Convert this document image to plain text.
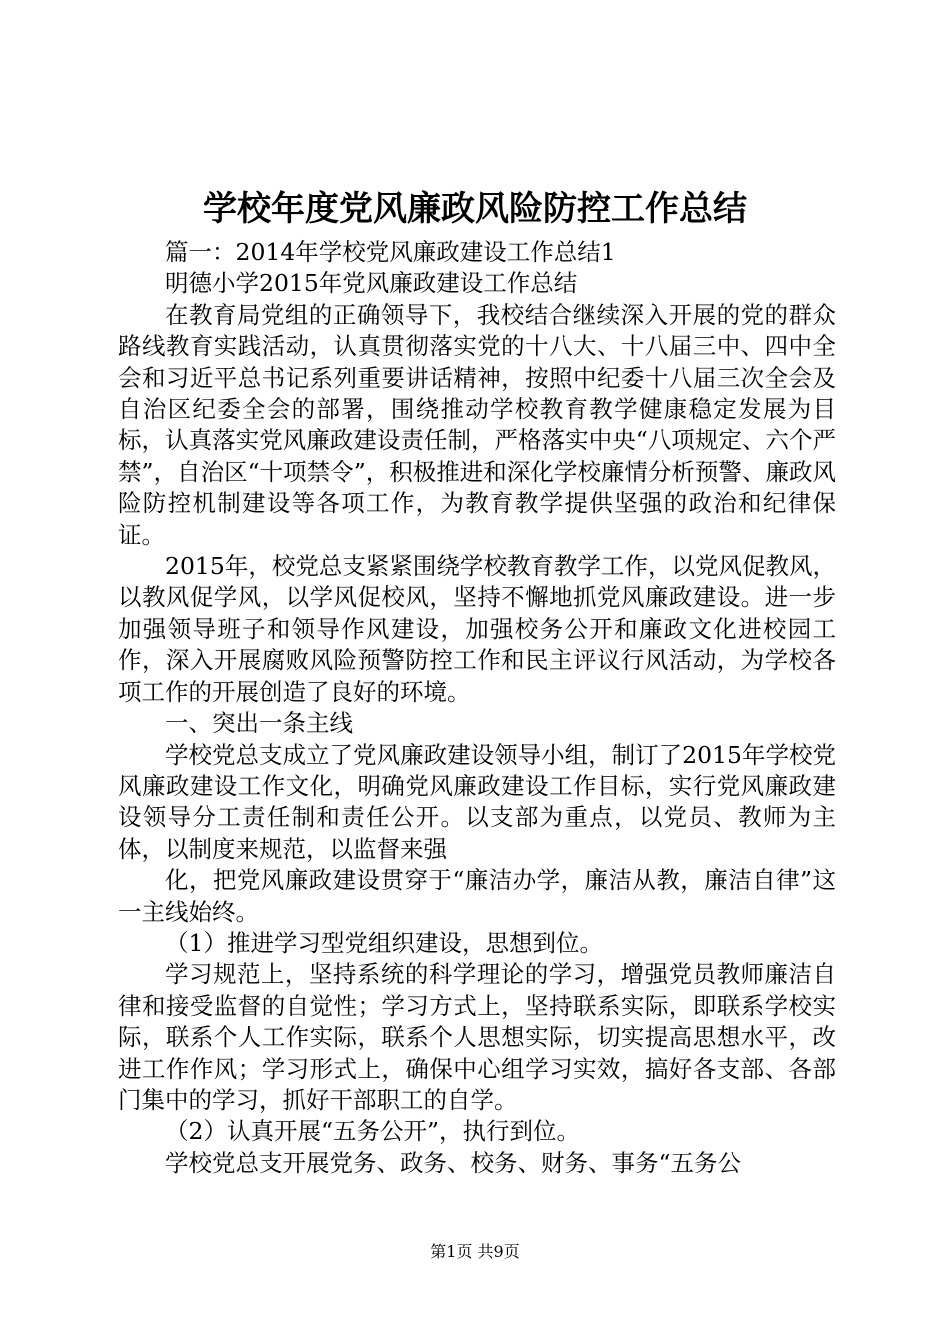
学校年度党风廉政风险防控工作总结

篇一：2014年学校党风廉政建设工作总结1

明德小学2015年党风廉政建设工作总结

在教育局党组的正确领导下，我校结合继续深入开展的党的群众路线教育实践活动，认真贯彻落实党的十八大、十八届三中、四中全会和习近平总书记系列重要讲话精神，按照中纪委十八届三次全会及自治区纪委全会的部署，围绕推动学校教育教学健康稳定发展为目标，认真落实党风廉政建设责任制，严格落实中央“八项规定、六个严禁”，自治区“十项禁令”，积极推进和深化学校廉情分析预警、廉政风险防控机制建设等各项工作，为教育教学提供坚强的政治和纪律保证。

2015年，校党总支紧紧围绕学校教育教学工作，以党风促教风，以教风促学风，以学风促校风，坚持不懈地抓党风廉政建设。进一步加强领导班子和领导作风建设，加强校务公开和廉政文化进校园工作，深入开展腐败风险预警防控工作和民主评议行风活动，为学校各项工作的开展创造了良好的环境。

一、突出一条主线

学校党总支成立了党风廉政建设领导小组，制订了2015年学校党风廉政建设工作文化，明确党风廉政建设工作目标，实行党风廉政建设领导分工责任制和责任公开。以支部为重点，以党员、教师为主体，以制度来规范，以监督来强

化，把党风廉政建设贯穿于“廉洁办学，廉洁从教，廉洁自律”这一主线始终。

（1）推进学习型党组织建设，思想到位。

学习规范上，坚持系统的科学理论的学习，增强党员教师廉洁自律和接受监督的自觉性；学习方式上，坚持联系实际，即联系学校实际，联系个人工作实际，联系个人思想实际，切实提高思想水平，改进工作作风；学习形式上，确保中心组学习实效，搞好各支部、各部门集中的学习，抓好干部职工的自学。

（2）认真开展“五务公开”，执行到位。

学校党总支开展党务、政务、校务、财务、事务“五务公

第1页 共9页
